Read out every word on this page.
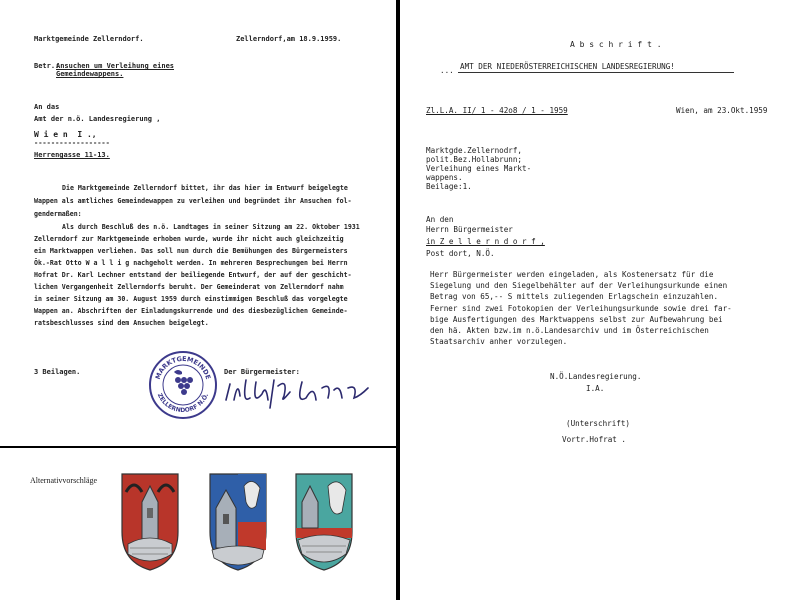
Marktgemeinde Zellerndorf.	Zellerndorf,am 18.9.1959.
Betr.:
Ansuchen um Verleihung eines
Gemeindewappens.
An das
Amt der n.ö. Landesregierung ,
W i e n  I .,
------------------
Herrengasse 11-13.
Die Marktgemeinde Zellerndorf bittet, ihr das hier im Entwurf beigelegte
Wappen als amtliches Gemeindewappen zu verleihen und begründet ihr Ansuchen fol-
gendermaßen:
Als durch Beschluß des n.ö. Landtages in seiner Sitzung am 22. Oktober 1931
Zellerndorf zur Marktgemeinde erhoben wurde, wurde ihr nicht auch gleichzeitig
ein Marktwappen verliehen. Das soll nun durch die Bemühungen des Bürgermeisters
Ök.-Rat Otto W a l l i g nachgeholt werden. In mehreren Besprechungen bei Herrn
Hofrat Dr. Karl Lechner entstand der beiliegende Entwurf, der auf der geschicht-
lichen Vergangenheit Zellerndorfs beruht. Der Gemeinderat von Zellerndorf nahm
in seiner Sitzung am 30. August 1959 durch einstimmigen Beschluß das vorgelegte
Wappen an. Abschriften der Einladungskurrende und des diesbezüglichen Gemeinde-
ratsbeschlusses sind dem Ansuchen beigelegt.
3 Beilagen.	Der Bürgermeister:
MARKTGEMEINDE
ZELLERNDORF N.Ö.
Alternativvorschläge
A b s c h r i f t .
... AMT DER NIEDERÖSTERREICHISCHEN LANDESREGIERUNG!
Zl.L.A. II/ 1 - 42o8 / 1 - 1959	Wien, am 23.Okt.1959
Marktgde.Zellernodrf,
polit.Bez.Hollabrunn;
Verleihung eines Markt-
wappens.
Beilage:1.
An den
Herrn Bürgermeister
in Z e l l e r n d o r f ,
Post dort, N.Ö.
Herr Bürgermeister werden eingeladen, als Kostenersatz für die
Siegelung und den Siegelbehälter auf der Verleihungsurkunde einen
Betrag von 65,-- S mittels zuliegenden Erlagschein einzuzahlen.
Ferner sind zwei Fotokopien der Verleihungsurkunde sowie drei far-
bige Ausfertigungen des Marktwappens selbst zur Aufbewahrung bei
den hä. Akten bzw.im n.ö.Landesarchiv und im Österreichischen
Staatsarchiv anher vorzulegen.
N.Ö.Landesregierung.
I.A.
(Unterschrift)
Vortr.Hofrat .
